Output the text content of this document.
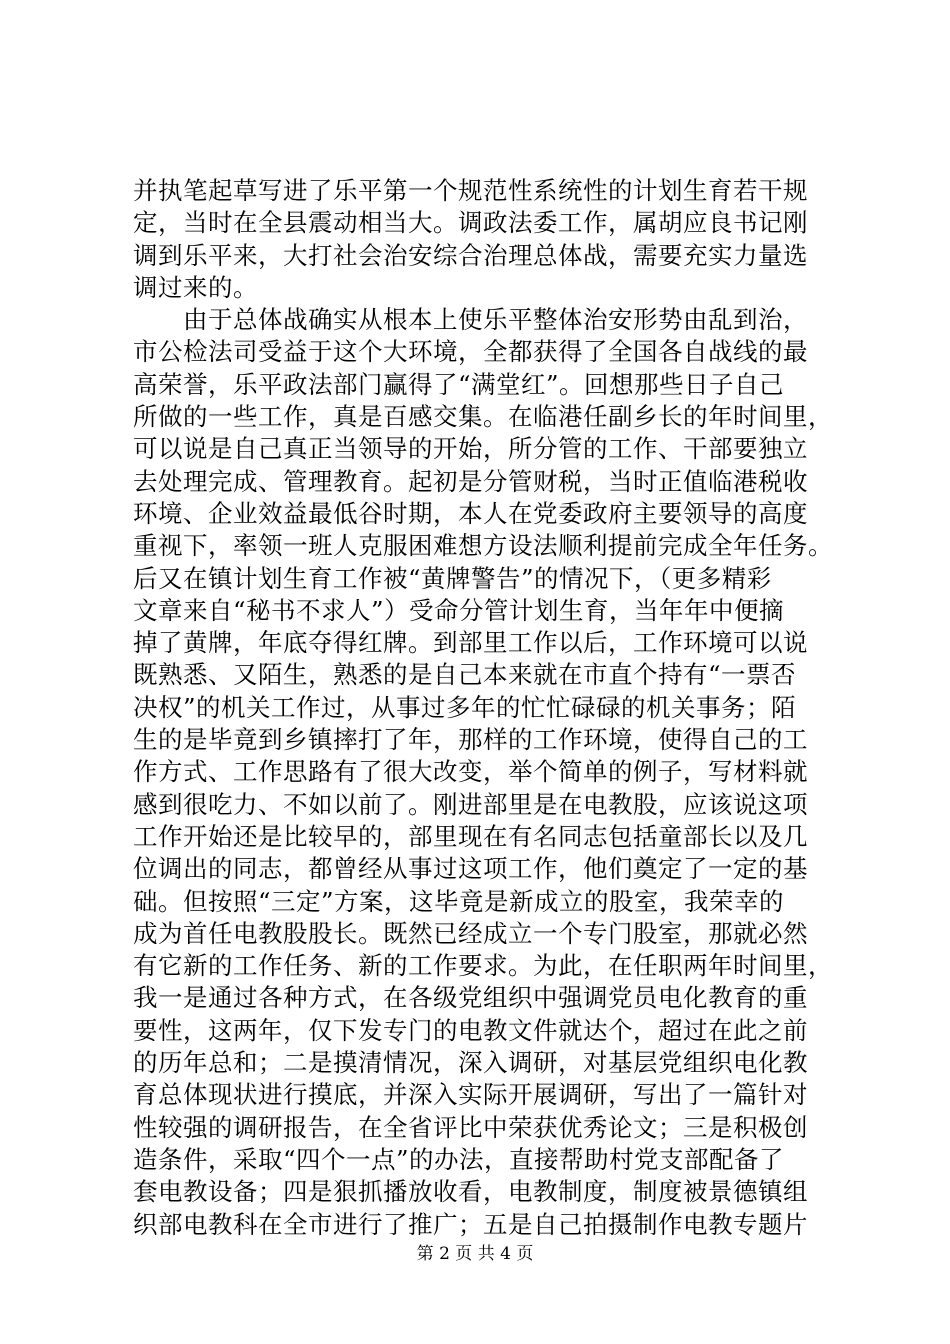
并执笔起草写进了乐平第一个规范性系统性的计划生育若干规
定，当时在全县震动相当大。调政法委工作，属胡应良书记刚
调到乐平来，大打社会治安综合治理总体战，需要充实力量选
调过来的。
　　由于总体战确实从根本上使乐平整体治安形势由乱到治，
市公检法司受益于这个大环境，全都获得了全国各自战线的最
高荣誉，乐平政法部门赢得了“满堂红”。回想那些日子自己
所做的一些工作，真是百感交集。在临港任副乡长的年时间里，
可以说是自己真正当领导的开始，所分管的工作、干部要独立
去处理完成、管理教育。起初是分管财税，当时正值临港税收
环境、企业效益最低谷时期，本人在党委政府主要领导的高度
重视下，率领一班人克服困难想方设法顺利提前完成全年任务。
后又在镇计划生育工作被“黄牌警告”的情况下，（更多精彩
文章来自“秘书不求人”）受命分管计划生育，当年年中便摘
掉了黄牌，年底夺得红牌。到部里工作以后，工作环境可以说
既熟悉、又陌生，熟悉的是自己本来就在市直个持有“一票否
决权”的机关工作过，从事过多年的忙忙碌碌的机关事务；陌
生的是毕竟到乡镇摔打了年，那样的工作环境，使得自己的工
作方式、工作思路有了很大改变，举个简单的例子，写材料就
感到很吃力、不如以前了。刚进部里是在电教股，应该说这项
工作开始还是比较早的，部里现在有名同志包括童部长以及几
位调出的同志，都曾经从事过这项工作，他们奠定了一定的基
础。但按照“三定”方案，这毕竟是新成立的股室，我荣幸的
成为首任电教股股长。既然已经成立一个专门股室，那就必然
有它新的工作任务、新的工作要求。为此，在任职两年时间里，
我一是通过各种方式，在各级党组织中强调党员电化教育的重
要性，这两年，仅下发专门的电教文件就达个，超过在此之前
的历年总和；二是摸清情况，深入调研，对基层党组织电化教
育总体现状进行摸底，并深入实际开展调研，写出了一篇针对
性较强的调研报告，在全省评比中荣获优秀论文；三是积极创
造条件，采取“四个一点”的办法，直接帮助村党支部配备了
套电教设备；四是狠抓播放收看，电教制度，制度被景德镇组
织部电教科在全市进行了推广；五是自己拍摄制作电教专题片
第 2 页 共 4 页
